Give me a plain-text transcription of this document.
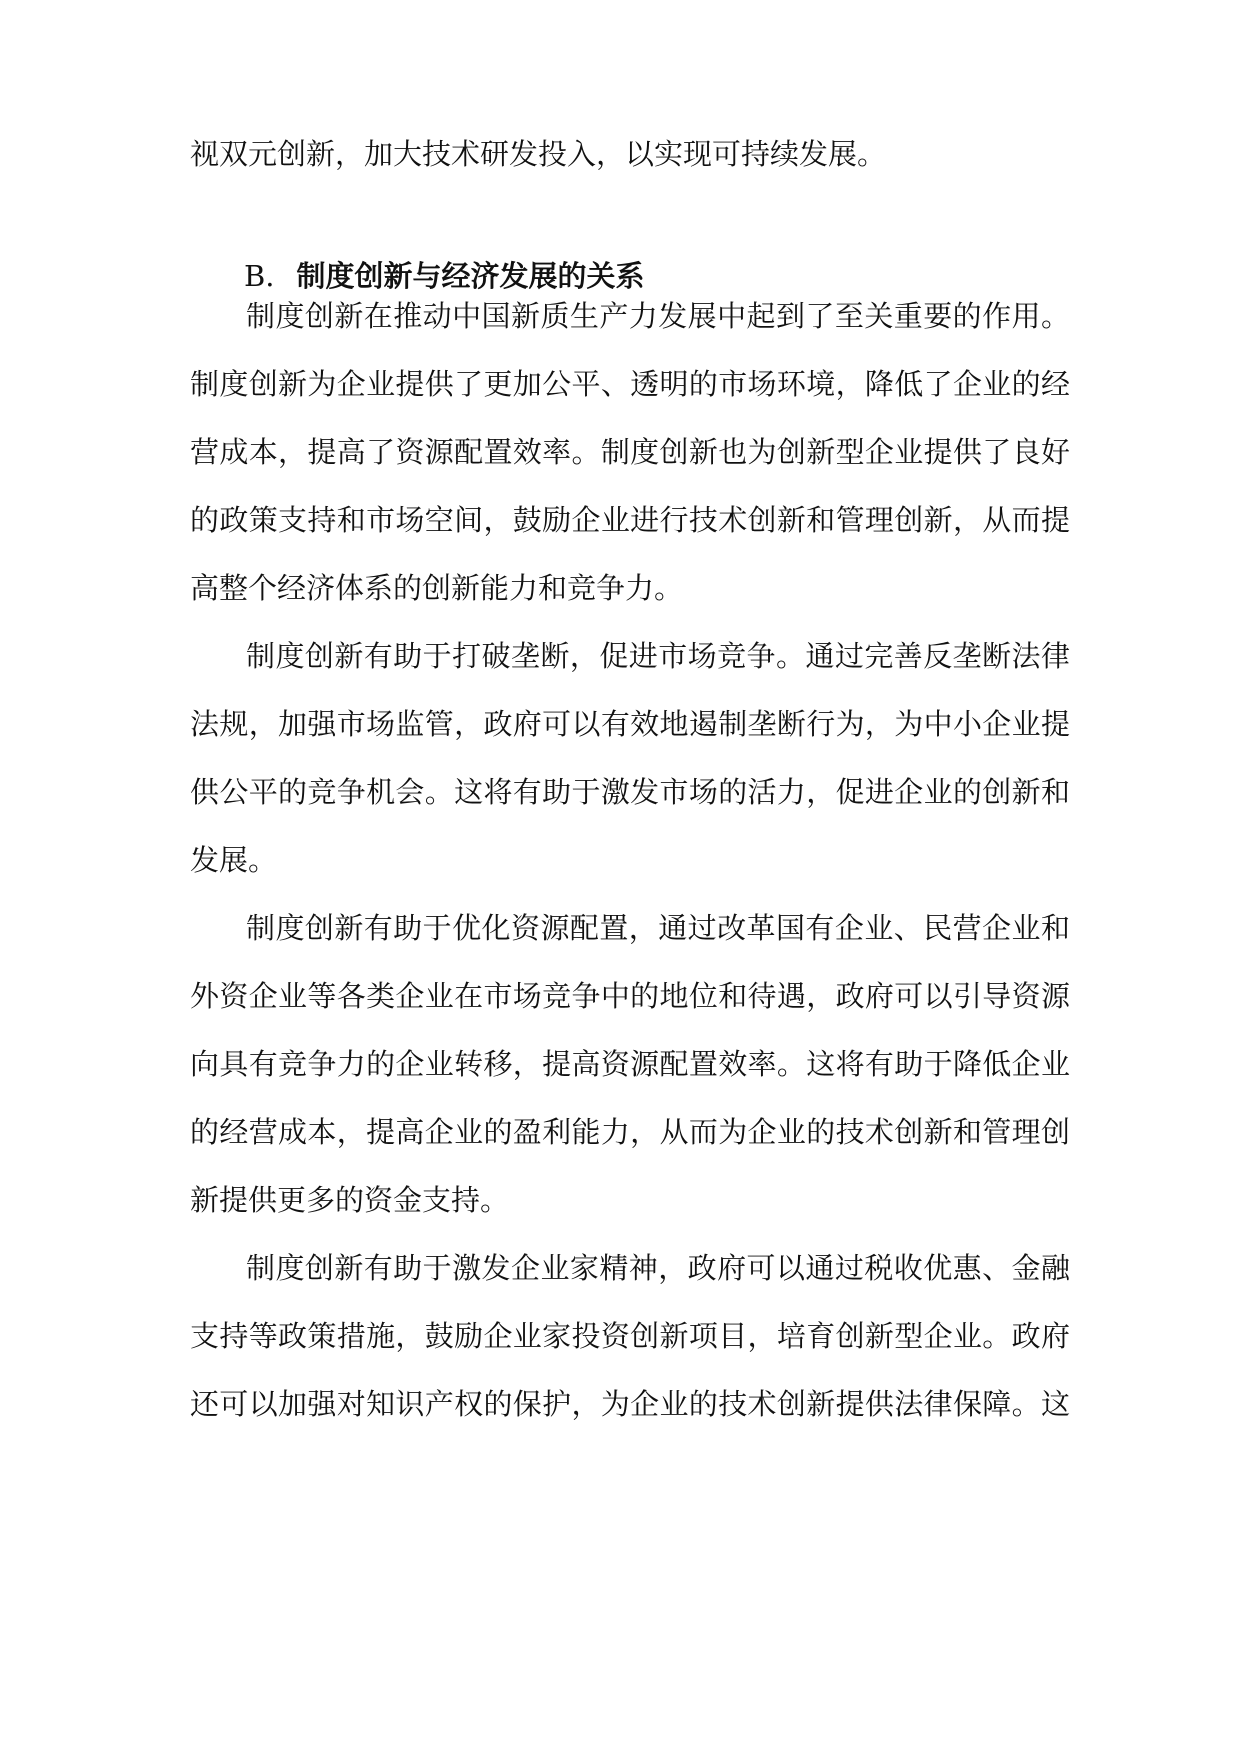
视双元创新，加大技术研发投入，以实现可持续发展。

B. 制度创新与经济发展的关系

制度创新在推动中国新质生产力发展中起到了至关重要的作用。

制度创新为企业提供了更加公平、透明的市场环境，降低了企业的经

营成本，提高了资源配置效率。制度创新也为创新型企业提供了良好

的政策支持和市场空间，鼓励企业进行技术创新和管理创新，从而提

高整个经济体系的创新能力和竞争力。

制度创新有助于打破垄断，促进市场竞争。通过完善反垄断法律

法规，加强市场监管，政府可以有效地遏制垄断行为，为中小企业提

供公平的竞争机会。这将有助于激发市场的活力，促进企业的创新和

发展。

制度创新有助于优化资源配置，通过改革国有企业、民营企业和

外资企业等各类企业在市场竞争中的地位和待遇，政府可以引导资源

向具有竞争力的企业转移，提高资源配置效率。这将有助于降低企业

的经营成本，提高企业的盈利能力，从而为企业的技术创新和管理创

新提供更多的资金支持。

制度创新有助于激发企业家精神，政府可以通过税收优惠、金融

支持等政策措施，鼓励企业家投资创新项目，培育创新型企业。政府

还可以加强对知识产权的保护，为企业的技术创新提供法律保障。这
